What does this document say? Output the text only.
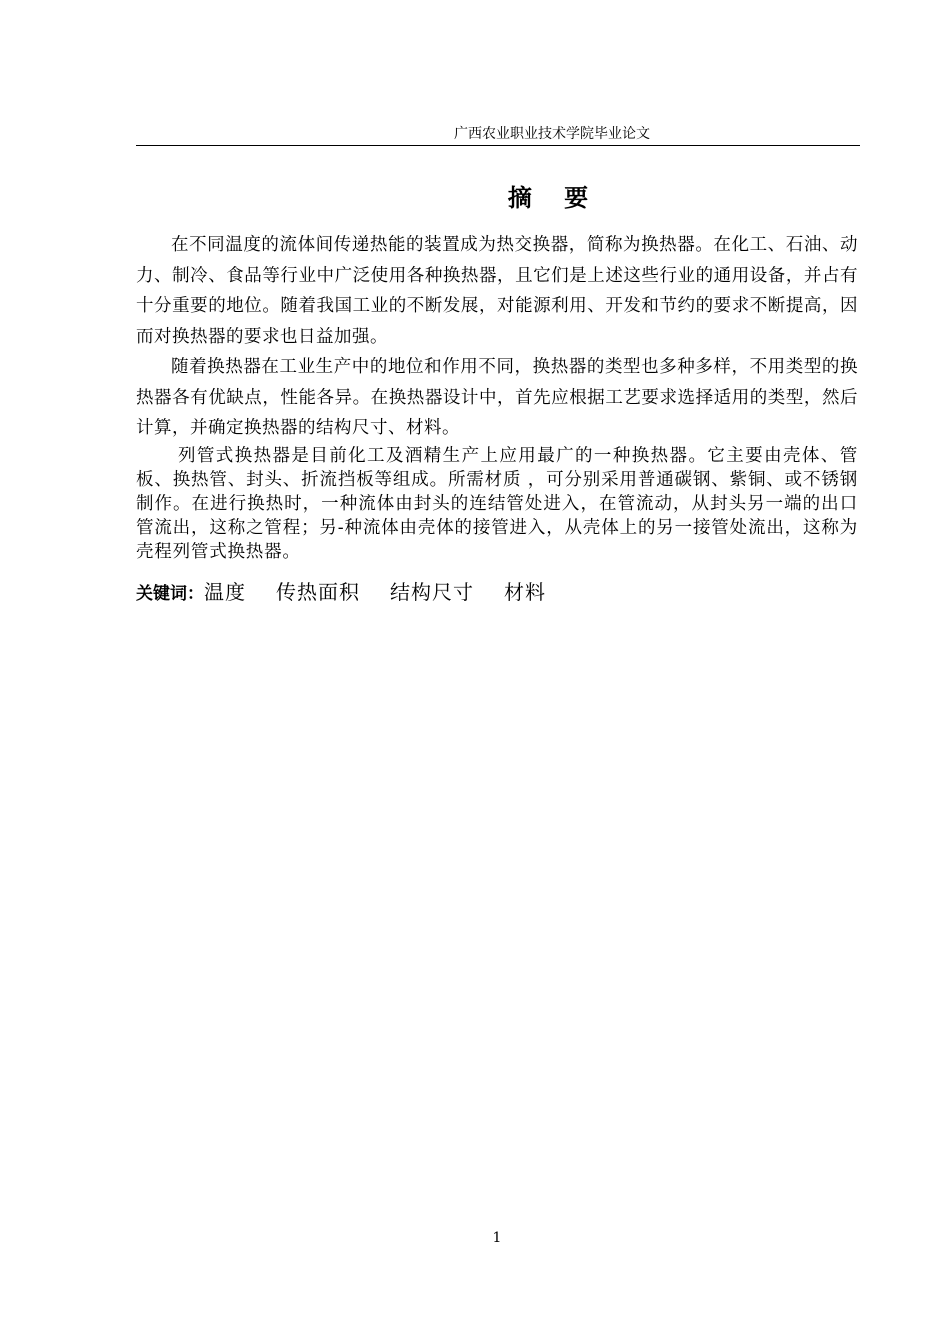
广西农业职业技术学院毕业论文
摘 要

在不同温度的流体间传递热能的装置成为热交换器，简称为换热器。在化工、石油、动力、制冷、食品等行业中广泛使用各种换热器，且它们是上述这些行业的通用设备，并占有十分重要的地位。随着我国工业的不断发展，对能源利用、开发和节约的要求不断提高，因而对换热器的要求也日益加强。

随着换热器在工业生产中的地位和作用不同，换热器的类型也多种多样，不用类型的换热器各有优缺点，性能各异。在换热器设计中，首先应根据工艺要求选择适用的类型，然后计算，并确定换热器的结构尺寸、材料。

列管式换热器是目前化工及酒精生产上应用最广的一种换热器。它主要由壳体、管板、换热管、封头、折流挡板等组成。所需材质 ，可分别采用普通碳钢、紫铜、或不锈钢制作。在进行换热时，一种流体由封头的连结管处进入，在管流动，从封头另一端的出口管流出，这称之管程；另-种流体由壳体的接管进入，从壳体上的另一接管处流出，这称为壳程列管式换热器。

关键词：温度 传热面积 结构尺寸 材料
1
